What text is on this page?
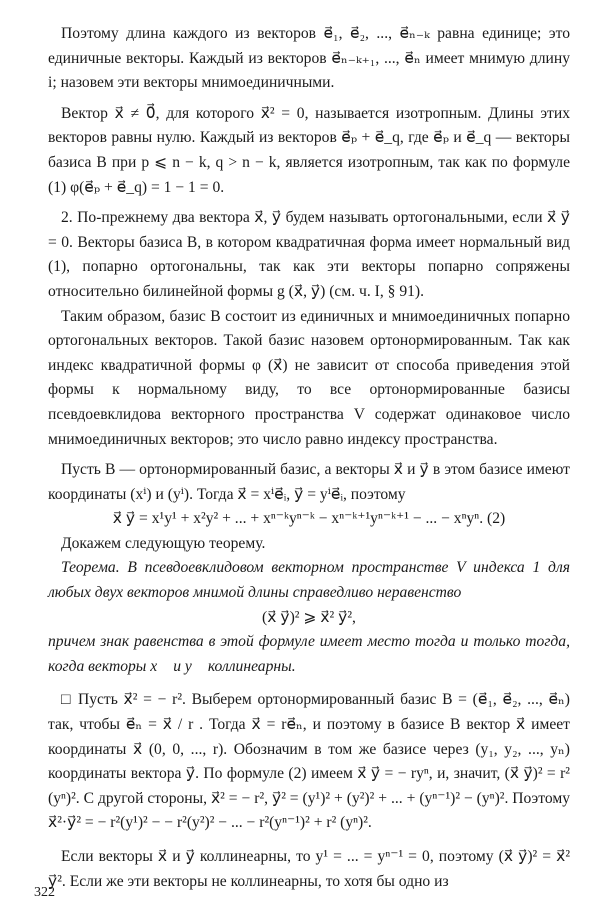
Поэтому длина каждого из векторов e⃗₁, e⃗₂, ..., e⃗ₙ₋ₖ равна единице; это единичные векторы. Каждый из векторов e⃗ₙ₋ₖ₊₁, ..., e⃗ₙ имеет мнимую длину i; назовем эти векторы мнимоединичными.

Вектор x⃗ ≠ 0⃗, для которого x⃗² = 0, называется изотропным. Длины этих векторов равны нулю. Каждый из векторов e⃗ₚ + e⃗_q, где e⃗ₚ и e⃗_q — векторы базиса B при p ⩽ n − k, q > n − k, является изотропным, так как по формуле (1) φ(e⃗ₚ + e⃗_q) = 1 − 1 = 0.

2. По-прежнему два вектора x⃗, y⃗ будем называть ортогональными, если x⃗ y⃗ = 0. Векторы базиса B, в котором квадратичная форма имеет нормальный вид (1), попарно ортогональны, так как эти векторы попарно сопряжены относительно билинейной формы g (x⃗, y⃗) (см. ч. I, § 91).

Таким образом, базис B состоит из единичных и мнимоединичных попарно ортогональных векторов. Такой базис назовем ортонормированным. Так как индекс квадратичной формы φ (x⃗) не зависит от способа приведения этой формы к нормальному виду, то все ортонормированные базисы псевдоевклидова векторного пространства V содержат одинаковое число мнимоединичных векторов; это число равно индексу пространства.

Пусть B — ортонормированный базис, а векторы x⃗ и y⃗ в этом базисе имеют координаты (xⁱ) и (yⁱ). Тогда x⃗ = xⁱe⃗ᵢ, y⃗ = yⁱe⃗ᵢ, поэтому

x⃗ y⃗ = x¹y¹ + x²y² + ... + xⁿ⁻ᵏyⁿ⁻ᵏ − xⁿ⁻ᵏ⁺¹yⁿ⁻ᵏ⁺¹ − ... − xⁿyⁿ. (2)

Докажем следующую теорему.

Теорема. В псевдоевклидовом векторном пространстве V индекса 1 для любых двух векторов мнимой длины справедливо неравенство

(x⃗ y⃗)² ⩾ x⃗² y⃗²,

причем знак равенства в этой формуле имеет место тогда и только тогда, когда векторы x⃗ и y⃗ коллинеарны.

□ Пусть x⃗² = − r². Выберем ортонормированный базис B = (e⃗₁, e⃗₂, ..., e⃗ₙ) так, чтобы e⃗ₙ = x⃗ / r . Тогда x⃗ = re⃗ₙ, и поэтому в базисе B вектор x⃗ имеет координаты x⃗ (0, 0, ..., r). Обозначим в том же базисе через (y₁, y₂, ..., yₙ) координаты вектора y⃗. По формуле (2) имеем x⃗ y⃗ = − ryⁿ, и, значит, (x⃗ y⃗)² = r² (yⁿ)². С другой стороны, x⃗² = − r², y⃗² = (y¹)² + (y²)² + ... + (yⁿ⁻¹)² − (yⁿ)². Поэтому x⃗²·y⃗² = − r²(y¹)² − − r²(y²)² − ... − r²(yⁿ⁻¹)² + r² (yⁿ)².

Если векторы x⃗ и y⃗ коллинеарны, то y¹ = ... = yⁿ⁻¹ = 0, поэтому (x⃗ y⃗)² = x⃗² y⃗². Если же эти векторы не коллинеарны, то хотя бы одно из

322
